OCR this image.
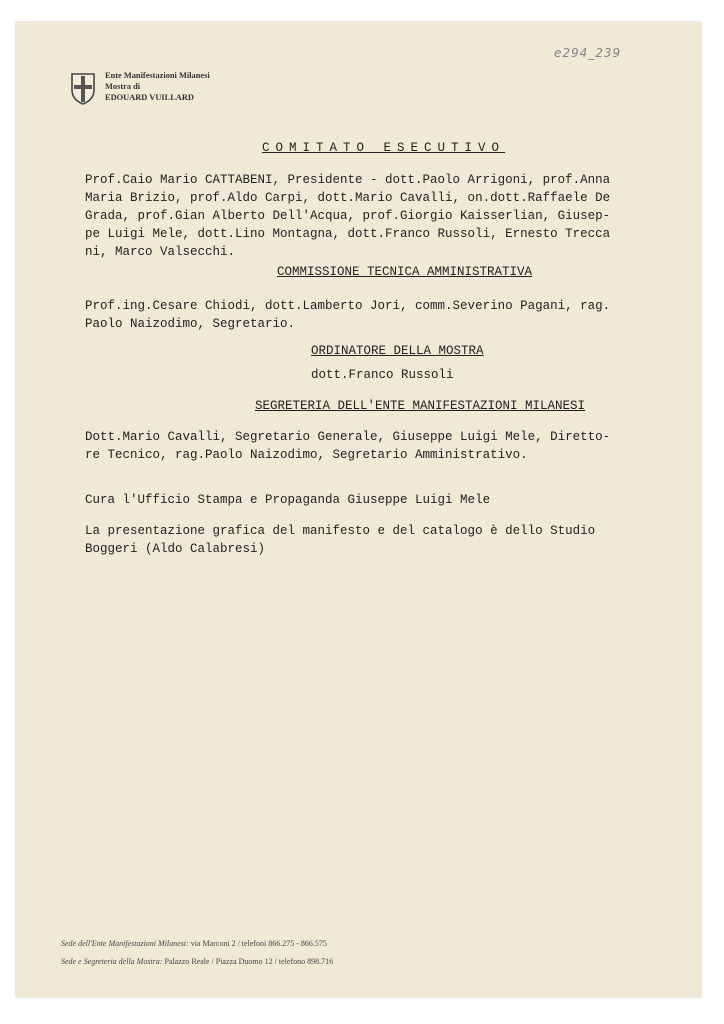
e294_239
Ente Manifestazioni Milanesi
Mostra di
EDOUARD VUILLARD
COMITATO ESECUTIVO
Prof.Caio Mario CATTABENI, Presidente - dott.Paolo Arrigoni, prof.Anna
Maria Brizio, prof.Aldo Carpi, dott.Mario Cavalli, on.dott.Raffaele De
Grada, prof.Gian Alberto Dell'Acqua, prof.Giorgio Kaisserlian, Giusep-
pe Luigi Mele, dott.Lino Montagna, dott.Franco Russoli, Ernesto Trecca
ni, Marco Valsecchi.
COMMISSIONE TECNICA AMMINISTRATIVA
Prof.ing.Cesare Chiodi, dott.Lamberto Jori, comm.Severino Pagani, rag.
Paolo Naizodimo, Segretario.
ORDINATORE DELLA MOSTRA
dott.Franco Russoli
SEGRETERIA DELL'ENTE MANIFESTAZIONI MILANESI
Dott.Mario Cavalli, Segretario Generale, Giuseppe Luigi Mele, Diretto-
re Tecnico, rag.Paolo Naizodimo, Segretario Amministrativo.
Cura l'Ufficio Stampa e Propaganda Giuseppe Luigi Mele
La presentazione grafica del manifesto e del catalogo è dello Studio
Boggeri (Aldo Calabresi)
Sede dell'Ente Manifestazioni Milanesi: via Marconi 2 / telefoni 866.275 - 866.575
Sede e Segreteria della Mostra: Palazzo Reale / Piazza Duomo 12 / telefono 898.716
